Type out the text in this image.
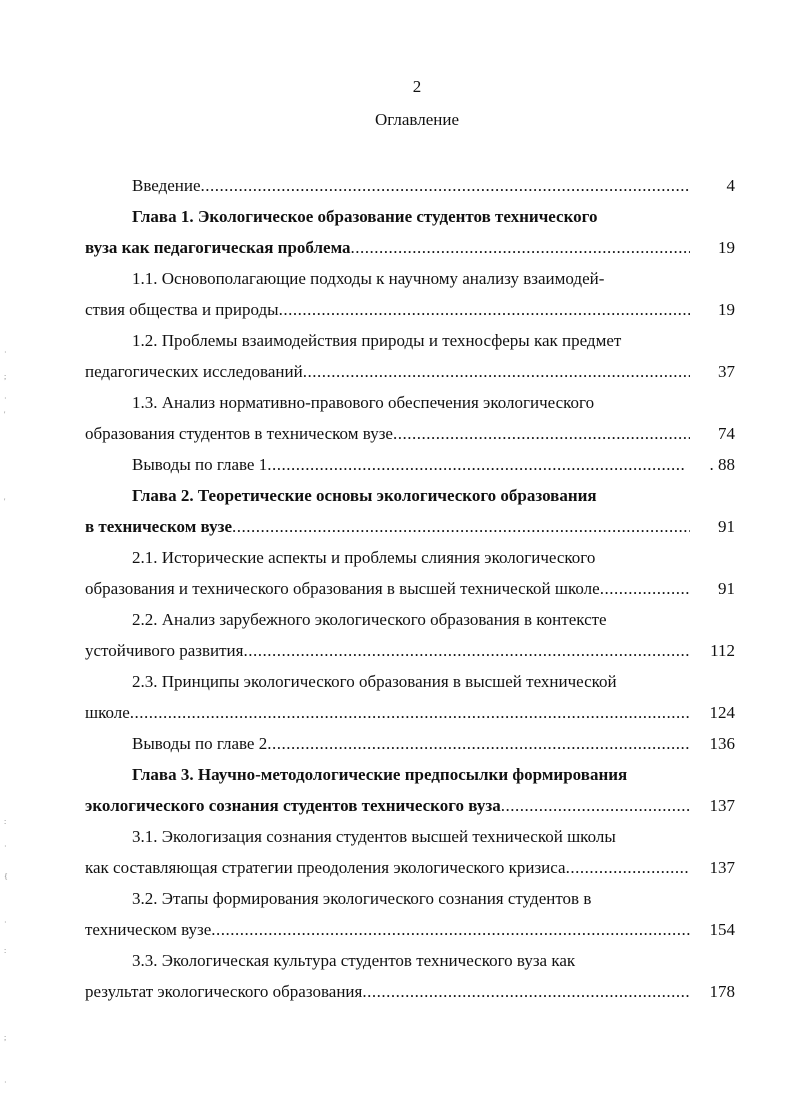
2
Оглавление
Введение .....	4
Глава 1. Экологическое образование студентов технического
вуза как педагогическая проблема .....	19
1.1. Основополагающие подходы к научному анализу взаимодей-
ствия общества и природы .....	19
1.2. Проблемы взаимодействия природы и техносферы как предмет
педагогических исследований .....	37
1.3. Анализ нормативно-правового обеспечения экологического
образования студентов в техническом вузе .....	74
Выводы по главе 1 .....	. 88
Глава 2. Теоретические основы экологического образования
в техническом вузе .....	91
2.1. Исторические аспекты и проблемы слияния экологического
образования и технического образования в высшей технической школе .....	91
2.2. Анализ зарубежного экологического образования в контексте
устойчивого развития .....	112
2.3. Принципы экологического образования в высшей технической
школе .....	124
Выводы по главе 2 .....	136
Глава 3. Научно-методологические предпосылки формирования
экологического сознания студентов технического вуза .....	137
3.1. Экологизация сознания студентов высшей технической школы
как составляющая стратегии преодоления экологического кризиса .....	137
3.2. Этапы формирования экологического сознания студентов в
техническом вузе .....	154
3.3. Экологическая культура студентов технического вуза как
результат экологического образования .....	178
·
;
·
'
'
:
·
{
·
:
;
·
